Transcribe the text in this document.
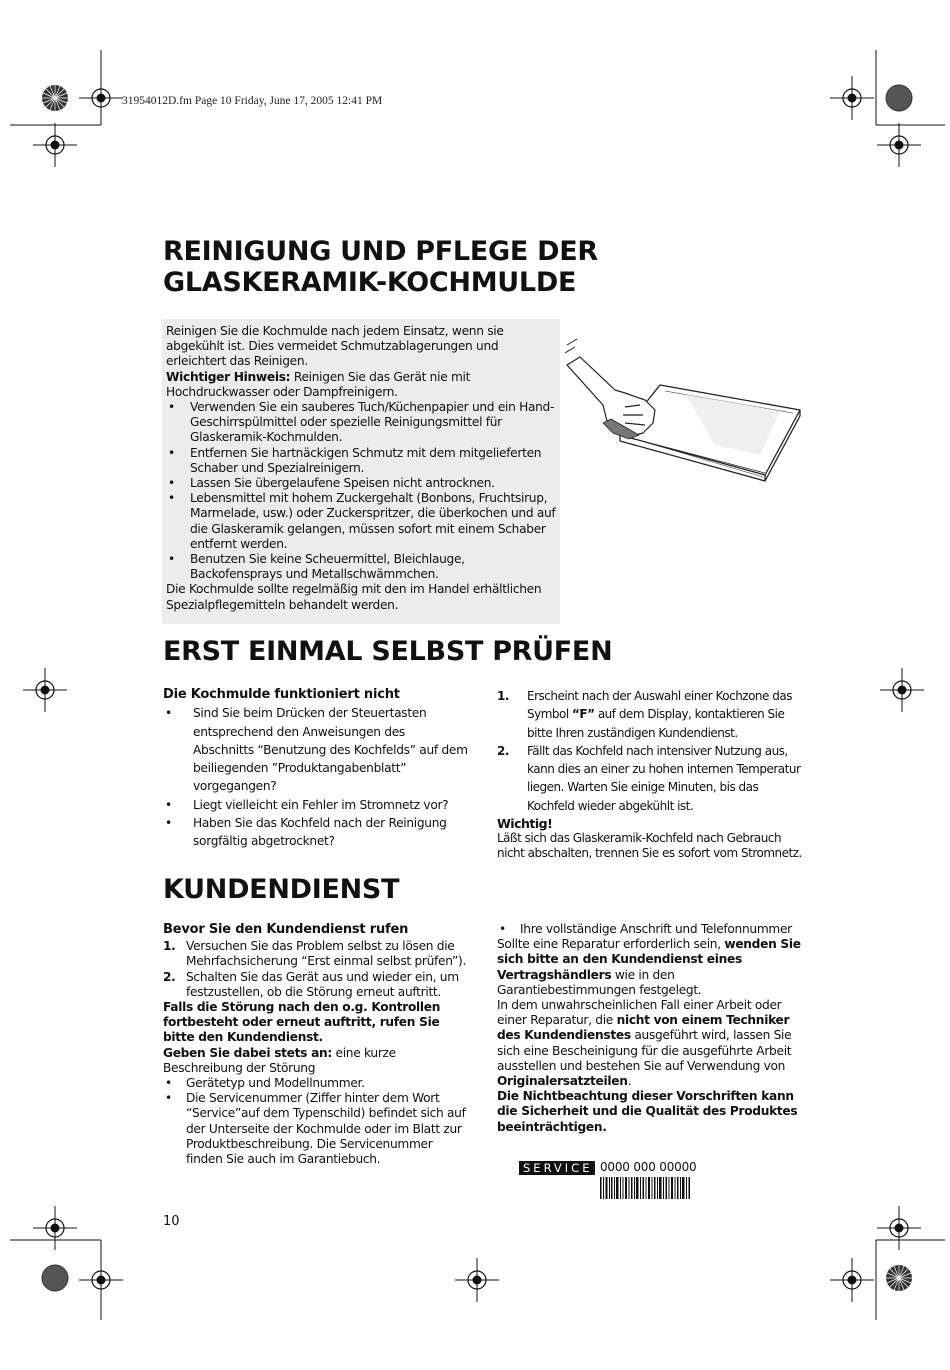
31954012D.fm Page 10 Friday, June 17, 2005 12:41 PM
REINIGUNG UND PFLEGE DER
GLASKERAMIK-KOCHMULDE

Reinigen Sie die Kochmulde nach jedem Einsatz, wenn sie abgekühlt ist. Dies vermeidet Schmutzablagerungen und erleichtert das Reinigen.

Wichtiger Hinweis: Reinigen Sie das Gerät nie mit Hochdruckwasser oder Dampfreinigern.

• Verwenden Sie ein sauberes Tuch/Küchenpapier und ein Hand-Geschirrspülmittel oder spezielle Reinigungsmittel für Glaskeramik-Kochmulden.
• Entfernen Sie hartnäckigen Schmutz mit dem mitgelieferten Schaber und Spezialreinigern.
• Lassen Sie übergelaufene Speisen nicht antrocknen.
• Lebensmittel mit hohem Zuckergehalt (Bonbons, Fruchtsirup, Marmelade, usw.) oder Zuckerspritzer, die überkochen und auf die Glaskeramik gelangen, müssen sofort mit einem Schaber entfernt werden.
• Benutzen Sie keine Scheuermittel, Bleichlauge, Backofensprays und Metallschwämmchen.

Die Kochmulde sollte regelmäßig mit den im Handel erhältlichen Spezialpflegemitteln behandelt werden.

ERST EINMAL SELBST PRÜFEN
Die Kochmulde funktioniert nicht
• Sind Sie beim Drücken der Steuertasten entsprechend den Anweisungen des Abschnitts “Benutzung des Kochfelds” auf dem beiliegenden ”Produktangabenblatt” vorgegangen?
• Liegt vielleicht ein Fehler im Stromnetz vor?
• Haben Sie das Kochfeld nach der Reinigung sorgfältig abgetrocknet?
1. Erscheint nach der Auswahl einer Kochzone das Symbol “F” auf dem Display, kontaktieren Sie bitte Ihren zuständigen Kundendienst.
2. Fällt das Kochfeld nach intensiver Nutzung aus, kann dies an einer zu hohen internen Temperatur liegen. Warten Sie einige Minuten, bis das Kochfeld wieder abgekühlt ist.
Wichtig!
Läßt sich das Glaskeramik-Kochfeld nach Gebrauch nicht abschalten, trennen Sie es sofort vom Stromnetz.
KUNDENDIENST
Bevor Sie den Kundendienst rufen
1. Versuchen Sie das Problem selbst zu lösen die Mehrfachsicherung “Erst einmal selbst prüfen”).
2. Schalten Sie das Gerät aus und wieder ein, um festzustellen, ob die Störung erneut auftritt.

Falls die Störung nach den o.g. Kontrollen fortbesteht oder erneut auftritt, rufen Sie bitte den Kundendienst.

Geben Sie dabei stets an: eine kurze Beschreibung der Störung

• Gerätetyp und Modellnummer.
• Die Servicenummer (Ziffer hinter dem Wort “Service”auf dem Typenschild) befindet sich auf der Unterseite der Kochmulde oder im Blatt zur Produktbeschreibung. Die Servicenummer finden Sie auch im Garantiebuch.
• Ihre vollständige Anschrift und Telefonnummer

Sollte eine Reparatur erforderlich sein, wenden Sie sich bitte an den Kundendienst eines Vertragshändlers wie in den Garantiebestimmungen festgelegt.

In dem unwahrscheinlichen Fall einer Arbeit oder einer Reparatur, die nicht von einem Techniker des Kundendienstes ausgeführt wird, lassen Sie sich eine Bescheinigung für die ausgeführte Arbeit ausstellen und bestehen Sie auf Verwendung von Originalersatzteilen.

Die Nichtbeachtung dieser Vorschriften kann die Sicherheit und die Qualität des Produktes beeinträchtigen.

SERVICE 0000 000 00000
10
